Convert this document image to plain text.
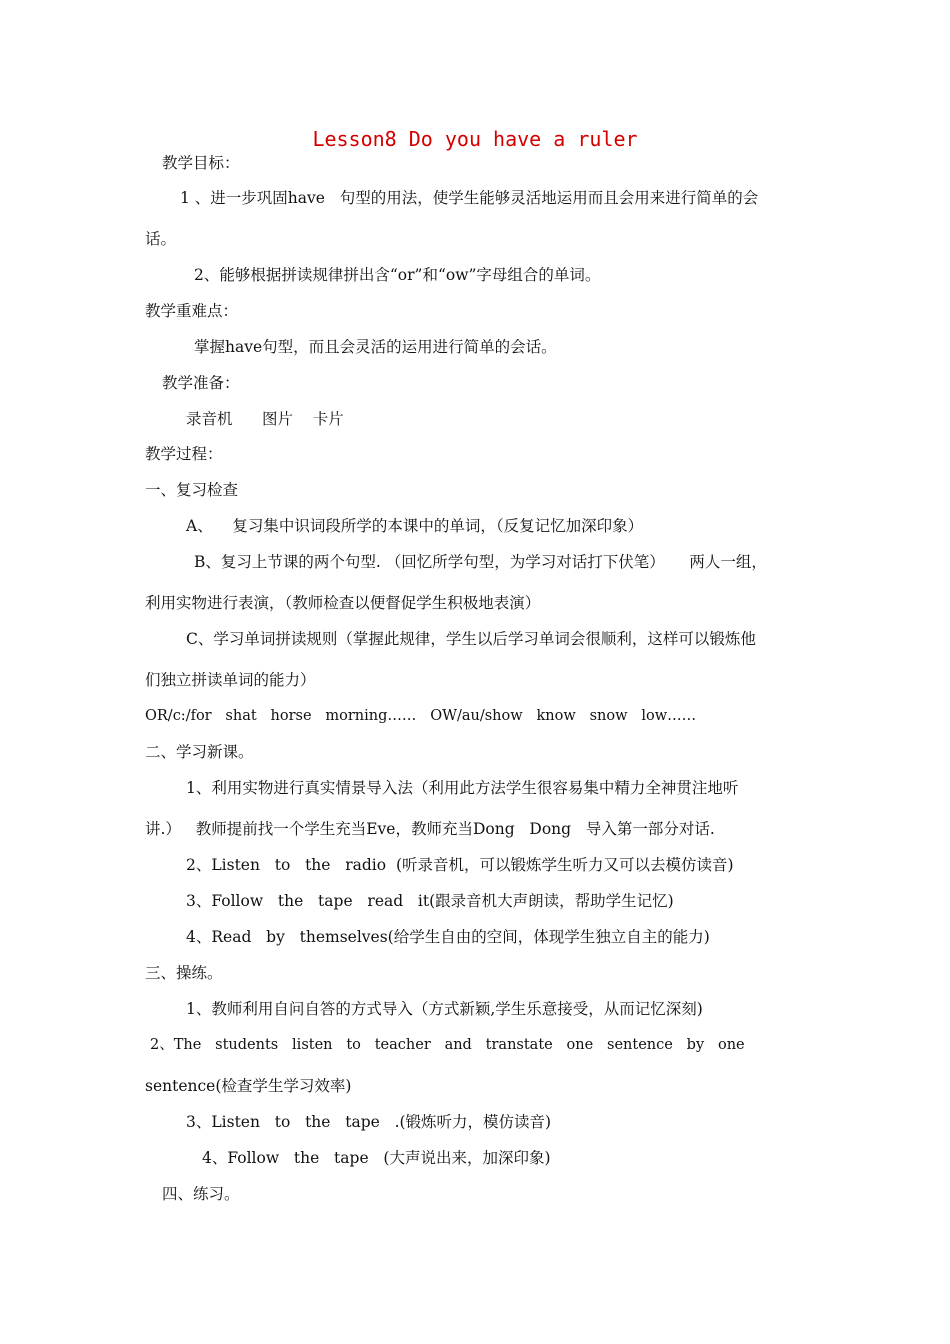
Lesson8 Do you have a ruler
教学目标：
1 、进一步巩固have   句型的用法，使学生能够灵活地运用而且会用来进行简单的会
话。
2、能够根据拼读规律拼出含“or”和“ow”字母组合的单词。
教学重难点：
掌握have句型，而且会灵活的运用进行简单的会话。
教学准备：
录音机      图片    卡片
教学过程：
一、复习检查
A、    复习集中识词段所学的本课中的单词，（反复记忆加深印象）
B、复习上节课的两个句型. （回忆所学句型，为学习对话打下伏笔）     两人一组，
利用实物进行表演，（教师检查以便督促学生积极地表演）
C、学习单词拼读规则（掌握此规律，学生以后学习单词会很顺利，这样可以锻炼他
们独立拼读单词的能力）
OR/c:/for   shat   horse   morning……   OW/au/show   know   snow   low……
二、学习新课。
1、利用实物进行真实情景导入法（利用此方法学生很容易集中精力全神贯注地听
讲.）   教师提前找一个学生充当Eve，教师充当Dong   Dong   导入第一部分对话.
2、Listen   to   the   radio  (听录音机，可以锻炼学生听力又可以去模仿读音)
3、Follow   the   tape   read   it(跟录音机大声朗读，帮助学生记忆)
4、Read   by   themselves(给学生自由的空间，体现学生独立自主的能力)
三、操练。
1、教师利用自问自答的方式导入（方式新颖,学生乐意接受，从而记忆深刻)
2、The   students   listen   to   teacher   and   transtate   one   sentence   by   one
sentence(检查学生学习效率)
3、Listen   to   the   tape   .(锻炼听力，模仿读音)
4、Follow   the   tape   (大声说出来，加深印象)
四、练习。
